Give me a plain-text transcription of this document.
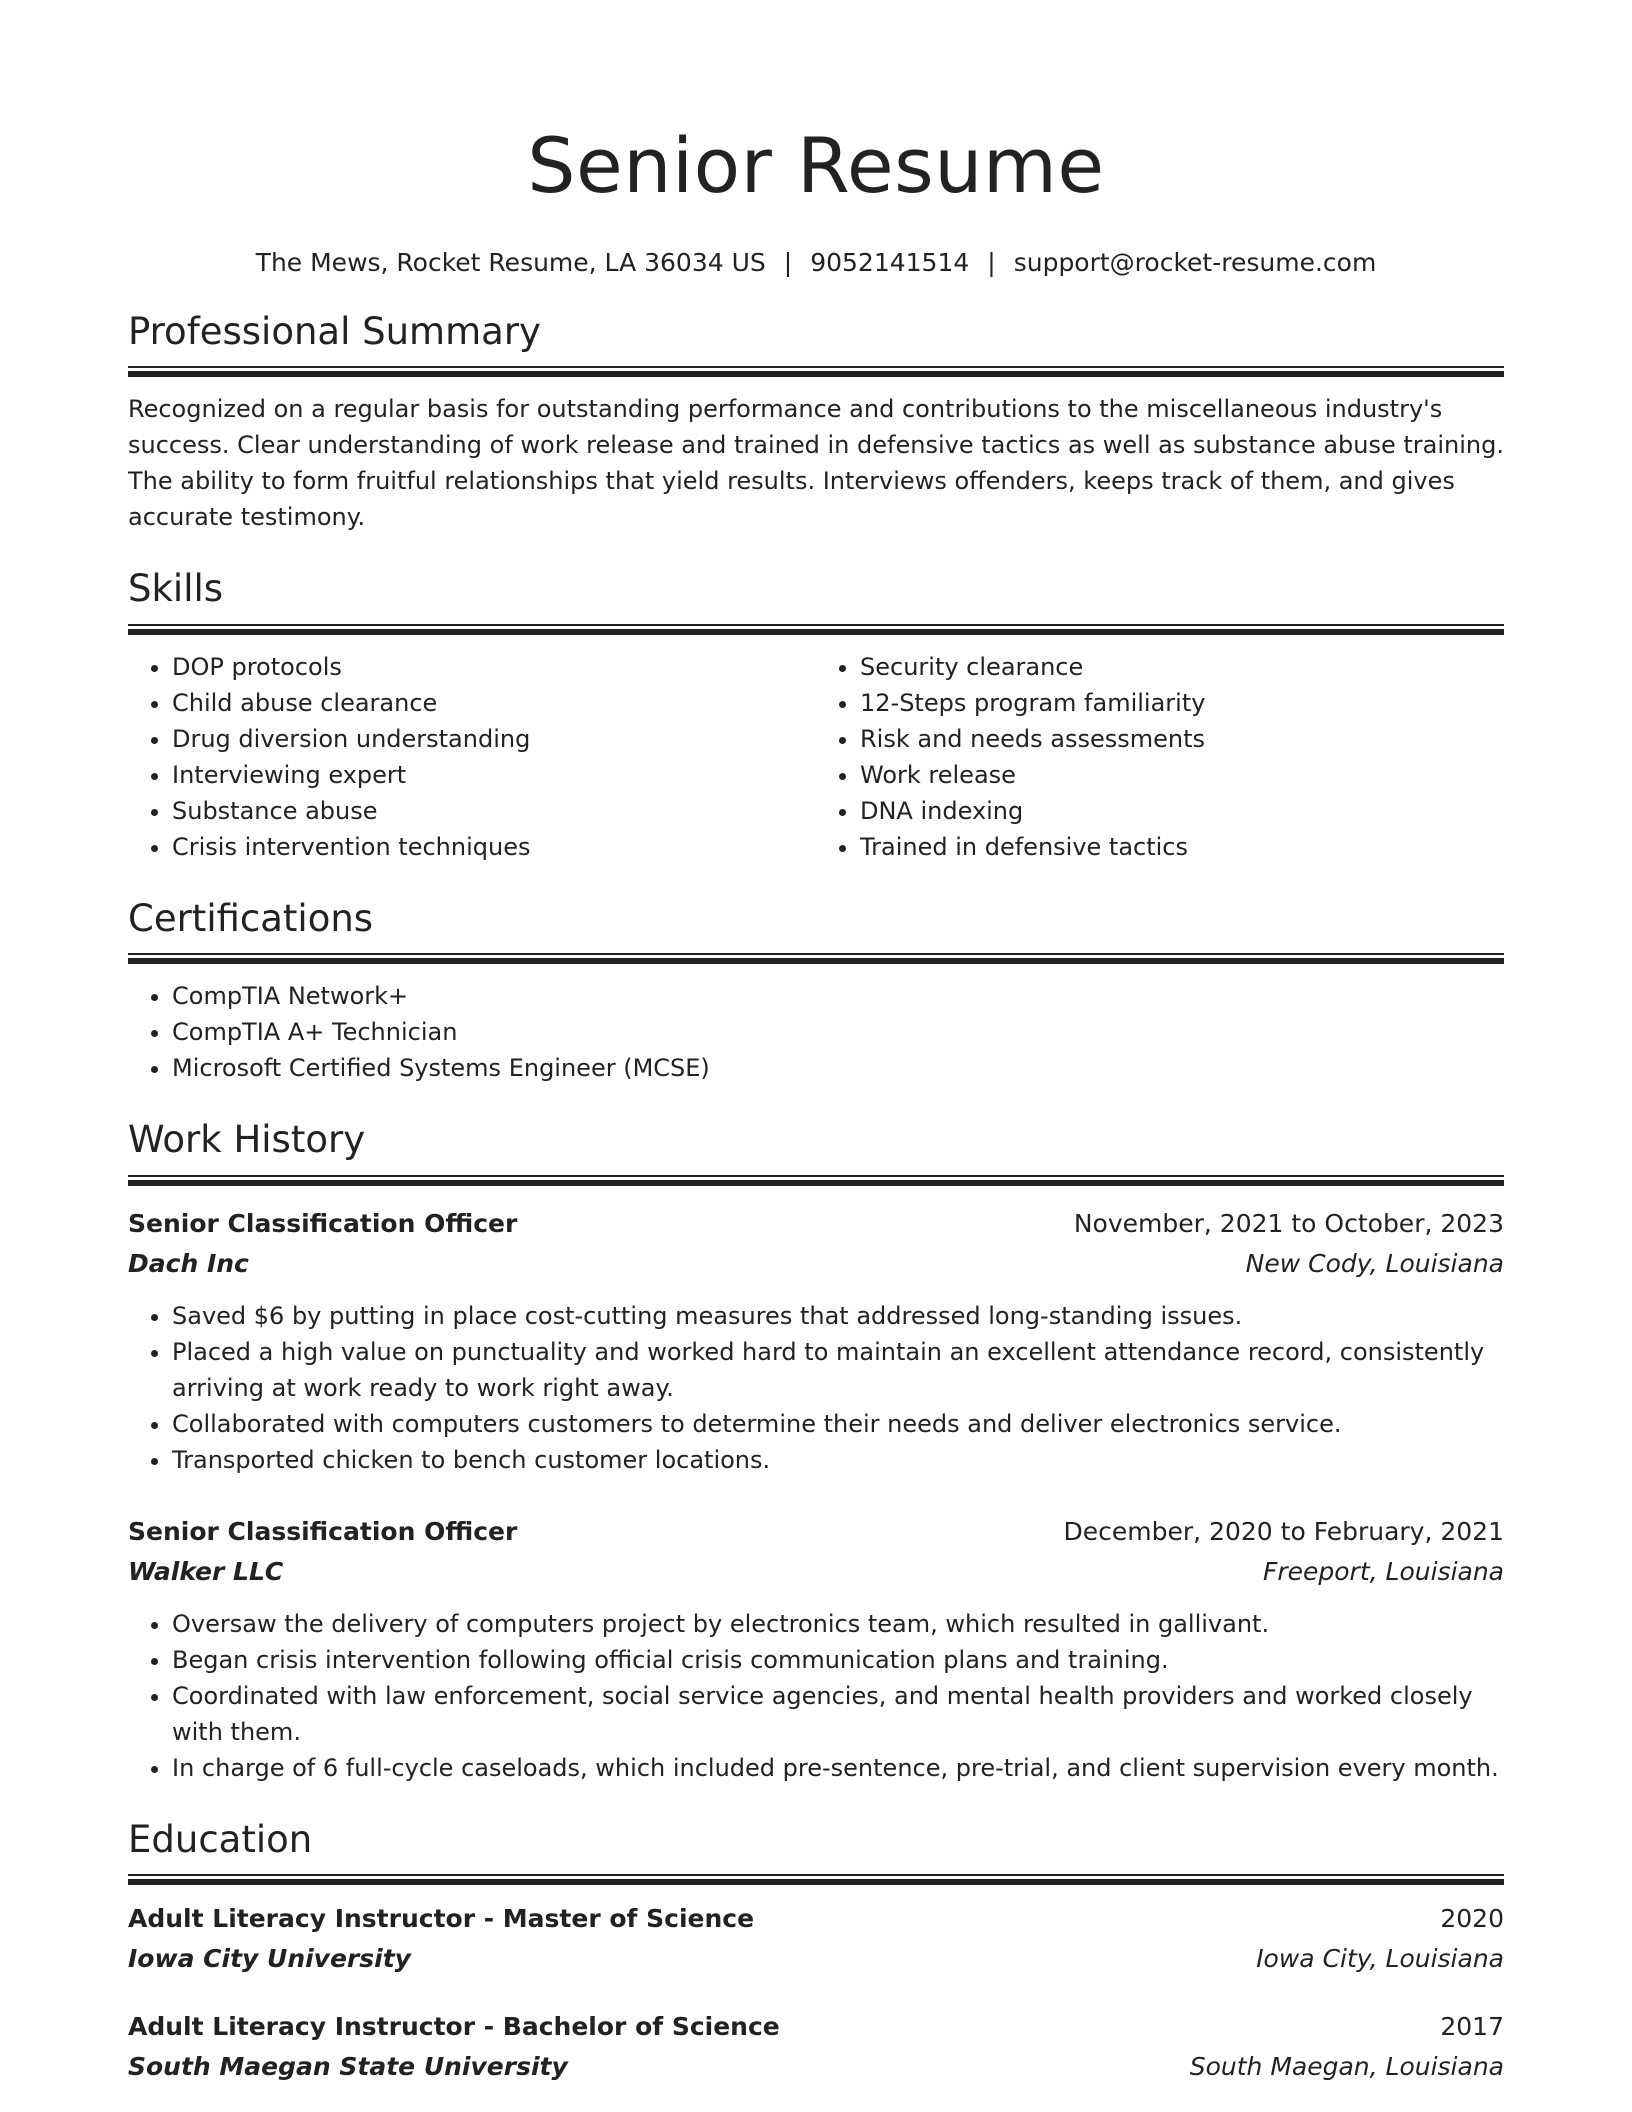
Senior Resume
The Mews, Rocket Resume, LA 36034 US | 9052141514 | support@rocket-resume.com
Professional Summary
Recognized on a regular basis for outstanding performance and contributions to the miscellaneous industry's success. Clear understanding of work release and trained in defensive tactics as well as substance abuse training. The ability to form fruitful relationships that yield results. Interviews offenders, keeps track of them, and gives accurate testimony.
Skills
• DOP protocols
• Child abuse clearance
• Drug diversion understanding
• Interviewing expert
• Substance abuse
• Crisis intervention techniques
• Security clearance
• 12-Steps program familiarity
• Risk and needs assessments
• Work release
• DNA indexing
• Trained in defensive tactics
Certifications
• CompTIA Network+
• CompTIA A+ Technician
• Microsoft Certified Systems Engineer (MCSE)
Work History
Senior Classification Officer	November, 2021 to October, 2023
Dach Inc	New Cody, Louisiana
• Saved $6 by putting in place cost-cutting measures that addressed long-standing issues.
• Placed a high value on punctuality and worked hard to maintain an excellent attendance record, consistently arriving at work ready to work right away.
• Collaborated with computers customers to determine their needs and deliver electronics service.
• Transported chicken to bench customer locations.
Senior Classification Officer	December, 2020 to February, 2021
Walker LLC	Freeport, Louisiana
• Oversaw the delivery of computers project by electronics team, which resulted in gallivant.
• Began crisis intervention following official crisis communication plans and training.
• Coordinated with law enforcement, social service agencies, and mental health providers and worked closely with them.
• In charge of 6 full-cycle caseloads, which included pre-sentence, pre-trial, and client supervision every month.
Education
Adult Literacy Instructor - Master of Science	2020
Iowa City University	Iowa City, Louisiana
Adult Literacy Instructor - Bachelor of Science	2017
South Maegan State University	South Maegan, Louisiana
